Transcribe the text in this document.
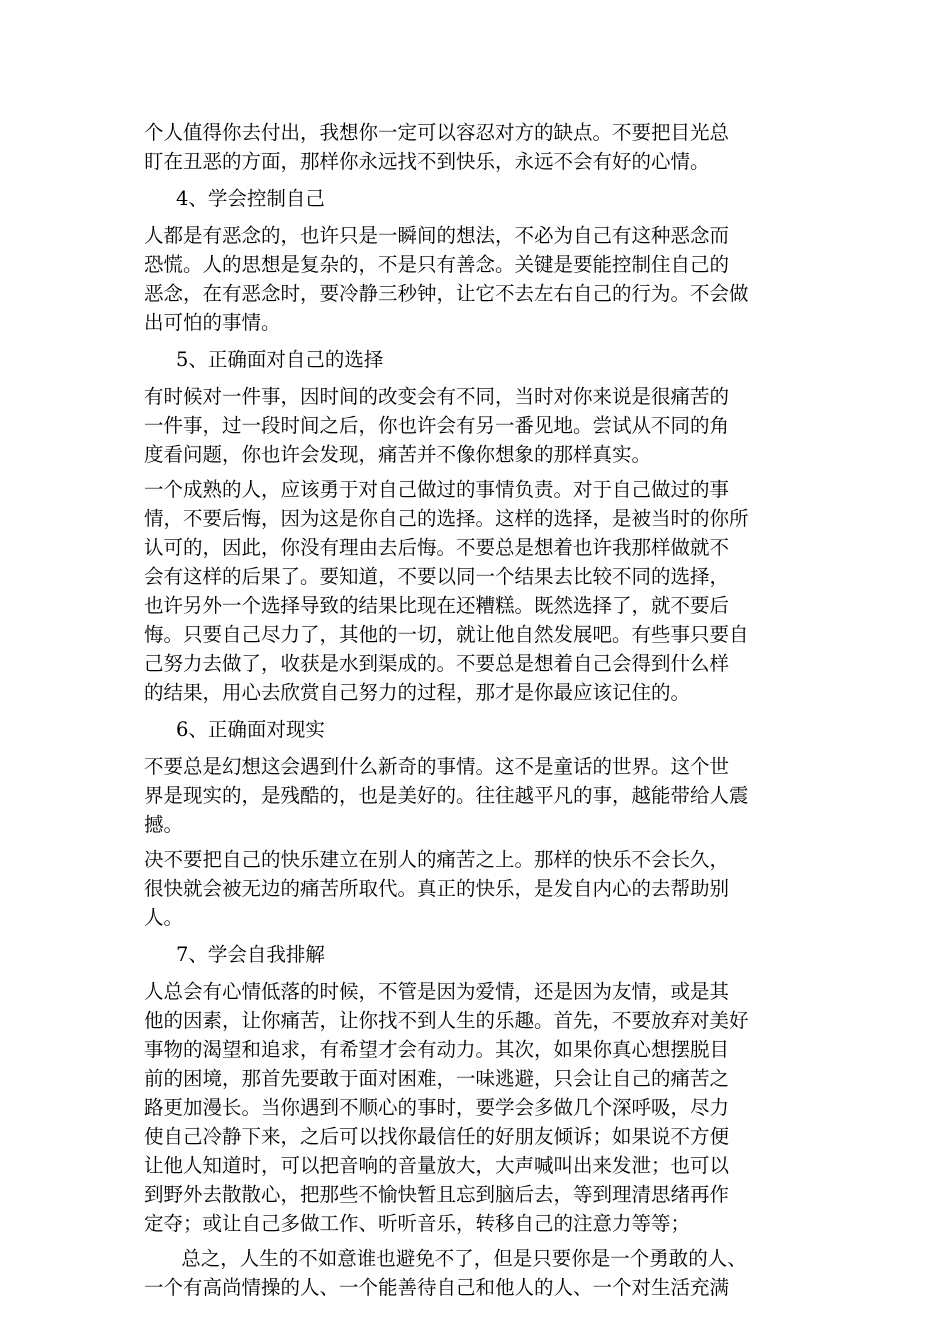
个人值得你去付出，我想你一定可以容忍对方的缺点。不要把目光总
盯在丑恶的方面，那样你永远找不到快乐，永远不会有好的心情。
4、学会控制自己
人都是有恶念的，也许只是一瞬间的想法，不必为自己有这种恶念而
恐慌。人的思想是复杂的，不是只有善念。关键是要能控制住自己的
恶念，在有恶念时，要冷静三秒钟，让它不去左右自己的行为。不会做
出可怕的事情。
5、正确面对自己的选择
有时候对一件事，因时间的改变会有不同，当时对你来说是很痛苦的
一件事，过一段时间之后，你也许会有另一番见地。尝试从不同的角
度看问题，你也许会发现，痛苦并不像你想象的那样真实。
一个成熟的人，应该勇于对自己做过的事情负责。对于自己做过的事
情，不要后悔，因为这是你自己的选择。这样的选择，是被当时的你所
认可的，因此，你没有理由去后悔。不要总是想着也许我那样做就不
会有这样的后果了。要知道，不要以同一个结果去比较不同的选择，
也许另外一个选择导致的结果比现在还糟糕。既然选择了，就不要后
悔。只要自己尽力了，其他的一切，就让他自然发展吧。有些事只要自
己努力去做了，收获是水到渠成的。不要总是想着自己会得到什么样
的结果，用心去欣赏自己努力的过程，那才是你最应该记住的。
6、正确面对现实
不要总是幻想这会遇到什么新奇的事情。这不是童话的世界。这个世
界是现实的，是残酷的，也是美好的。往往越平凡的事，越能带给人震
撼。
决不要把自己的快乐建立在别人的痛苦之上。那样的快乐不会长久，
很快就会被无边的痛苦所取代。真正的快乐，是发自内心的去帮助别
人。
7、学会自我排解
人总会有心情低落的时候，不管是因为爱情，还是因为友情，或是其
他的因素，让你痛苦，让你找不到人生的乐趣。首先，不要放弃对美好
事物的渴望和追求，有希望才会有动力。其次，如果你真心想摆脱目
前的困境，那首先要敢于面对困难，一味逃避，只会让自己的痛苦之
路更加漫长。当你遇到不顺心的事时，要学会多做几个深呼吸，尽力
使自己冷静下来，之后可以找你最信任的好朋友倾诉；如果说不方便
让他人知道时，可以把音响的音量放大，大声喊叫出来发泄；也可以
到野外去散散心，把那些不愉快暂且忘到脑后去，等到理清思绪再作
定夺；或让自己多做工作、听听音乐，转移自己的注意力等等；
总之，人生的不如意谁也避免不了，但是只要你是一个勇敢的人、
一个有高尚情操的人、一个能善待自己和他人的人、一个对生活充满
